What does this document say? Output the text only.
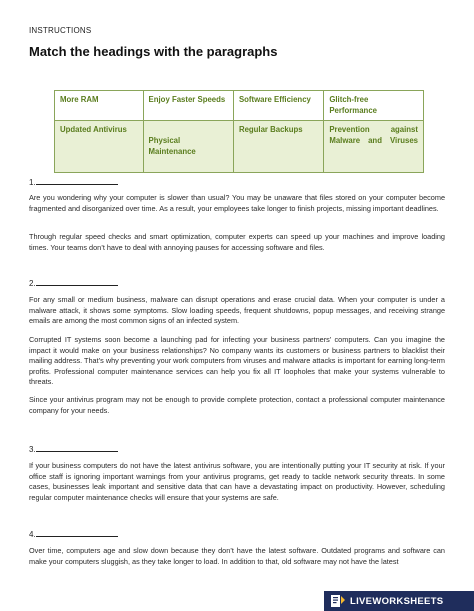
INSTRUCTIONS
Match the headings with the paragraphs
More RAM	Enjoy Faster Speeds	Software Efficiency	Glitch-free Performance
Updated Antivirus	Physical Maintenance	Regular Backups	Prevention against Malware and Viruses
1.

Are you wondering why your computer is slower than usual? You may be unaware that files stored on your computer become fragmented and disorganized over time. As a result, your employees take longer to finish projects, missing important deadlines.

Through regular speed checks and smart optimization, computer experts can speed up your machines and improve loading times. Your teams don’t have to deal with annoying pauses for accessing software and files.

2.

For any small or medium business, malware can disrupt operations and erase crucial data. When your computer is under a malware attack, it shows some symptoms. Slow loading speeds, frequent shutdowns, popup messages, and receiving strange emails are among the most common signs of an infected system.

Corrupted IT systems soon become a launching pad for infecting your business partners’ computers. Can you imagine the impact it would make on your business relationships? No company wants its customers or business partners to blacklist their mailing address. That’s why preventing your work computers from viruses and malware attacks is important for earning long-term profits. Professional computer maintenance services can help you fix all IT loopholes that make your systems vulnerable to threats.

Since your antivirus program may not be enough to provide complete protection, contact a professional computer maintenance company for your needs.

3.

If your business computers do not have the latest antivirus software, you are intentionally putting your IT security at risk. If your office staff is ignoring important warnings from your antivirus programs, get ready to tackle network security threats. In some cases, businesses leak important and sensitive data that can have a devastating impact on productivity. However, scheduling regular computer maintenance checks will ensure that your systems are safe.

4.

Over time, computers age and slow down because they don’t have the latest software. Outdated programs and software can make your computers sluggish, as they take longer to load. In addition to that, old software may not have the latest

LIVEWORKSHEETS
